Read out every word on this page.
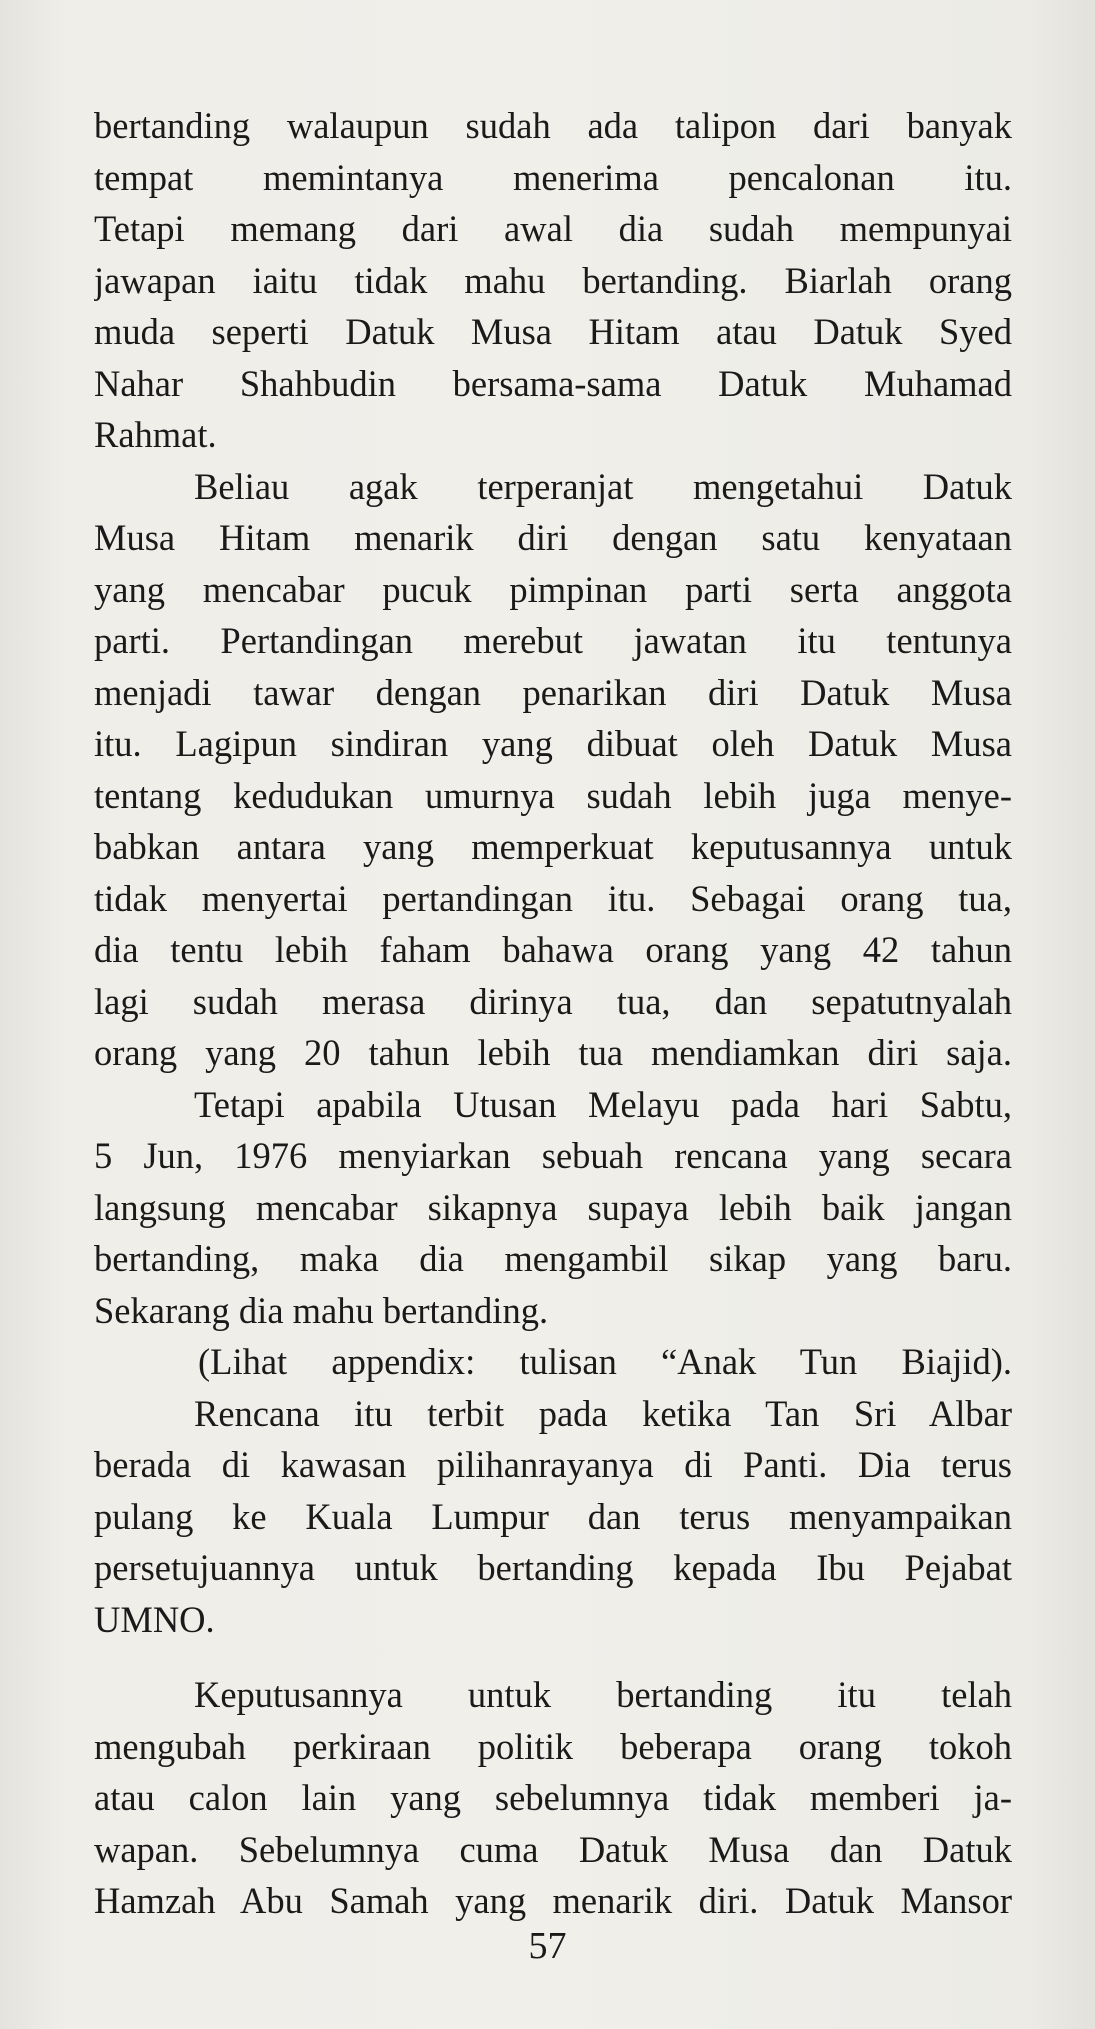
bertanding walaupun sudah ada talipon dari banyak
tempat memintanya menerima pencalonan itu.
Tetapi memang dari awal dia sudah mempunyai
jawapan iaitu tidak mahu bertanding. Biarlah orang
muda seperti Datuk Musa Hitam atau Datuk Syed
Nahar Shahbudin bersama-sama Datuk Muhamad
Rahmat.
Beliau agak terperanjat mengetahui Datuk
Musa Hitam menarik diri dengan satu kenyataan
yang mencabar pucuk pimpinan parti serta anggota
parti. Pertandingan merebut jawatan itu tentunya
menjadi tawar dengan penarikan diri Datuk Musa
itu. Lagipun sindiran yang dibuat oleh Datuk Musa
tentang kedudukan umurnya sudah lebih juga menye-
babkan antara yang memperkuat keputusannya untuk
tidak menyertai pertandingan itu. Sebagai orang tua,
dia tentu lebih faham bahawa orang yang 42 tahun
lagi sudah merasa dirinya tua, dan sepatutnyalah
orang yang 20 tahun lebih tua mendiamkan diri saja.
Tetapi apabila Utusan Melayu pada hari Sabtu,
5 Jun, 1976 menyiarkan sebuah rencana yang secara
langsung mencabar sikapnya supaya lebih baik jangan
bertanding, maka dia mengambil sikap yang baru.
Sekarang dia mahu bertanding.
(Lihat appendix: tulisan “Anak Tun Biajid).
Rencana itu terbit pada ketika Tan Sri Albar
berada di kawasan pilihanrayanya di Panti. Dia terus
pulang ke Kuala Lumpur dan terus menyampaikan
persetujuannya untuk bertanding kepada Ibu Pejabat
UMNO.
Keputusannya untuk bertanding itu telah
mengubah perkiraan politik beberapa orang tokoh
atau calon lain yang sebelumnya tidak memberi ja-
wapan. Sebelumnya cuma Datuk Musa dan Datuk
Hamzah Abu Samah yang menarik diri. Datuk Mansor
57
